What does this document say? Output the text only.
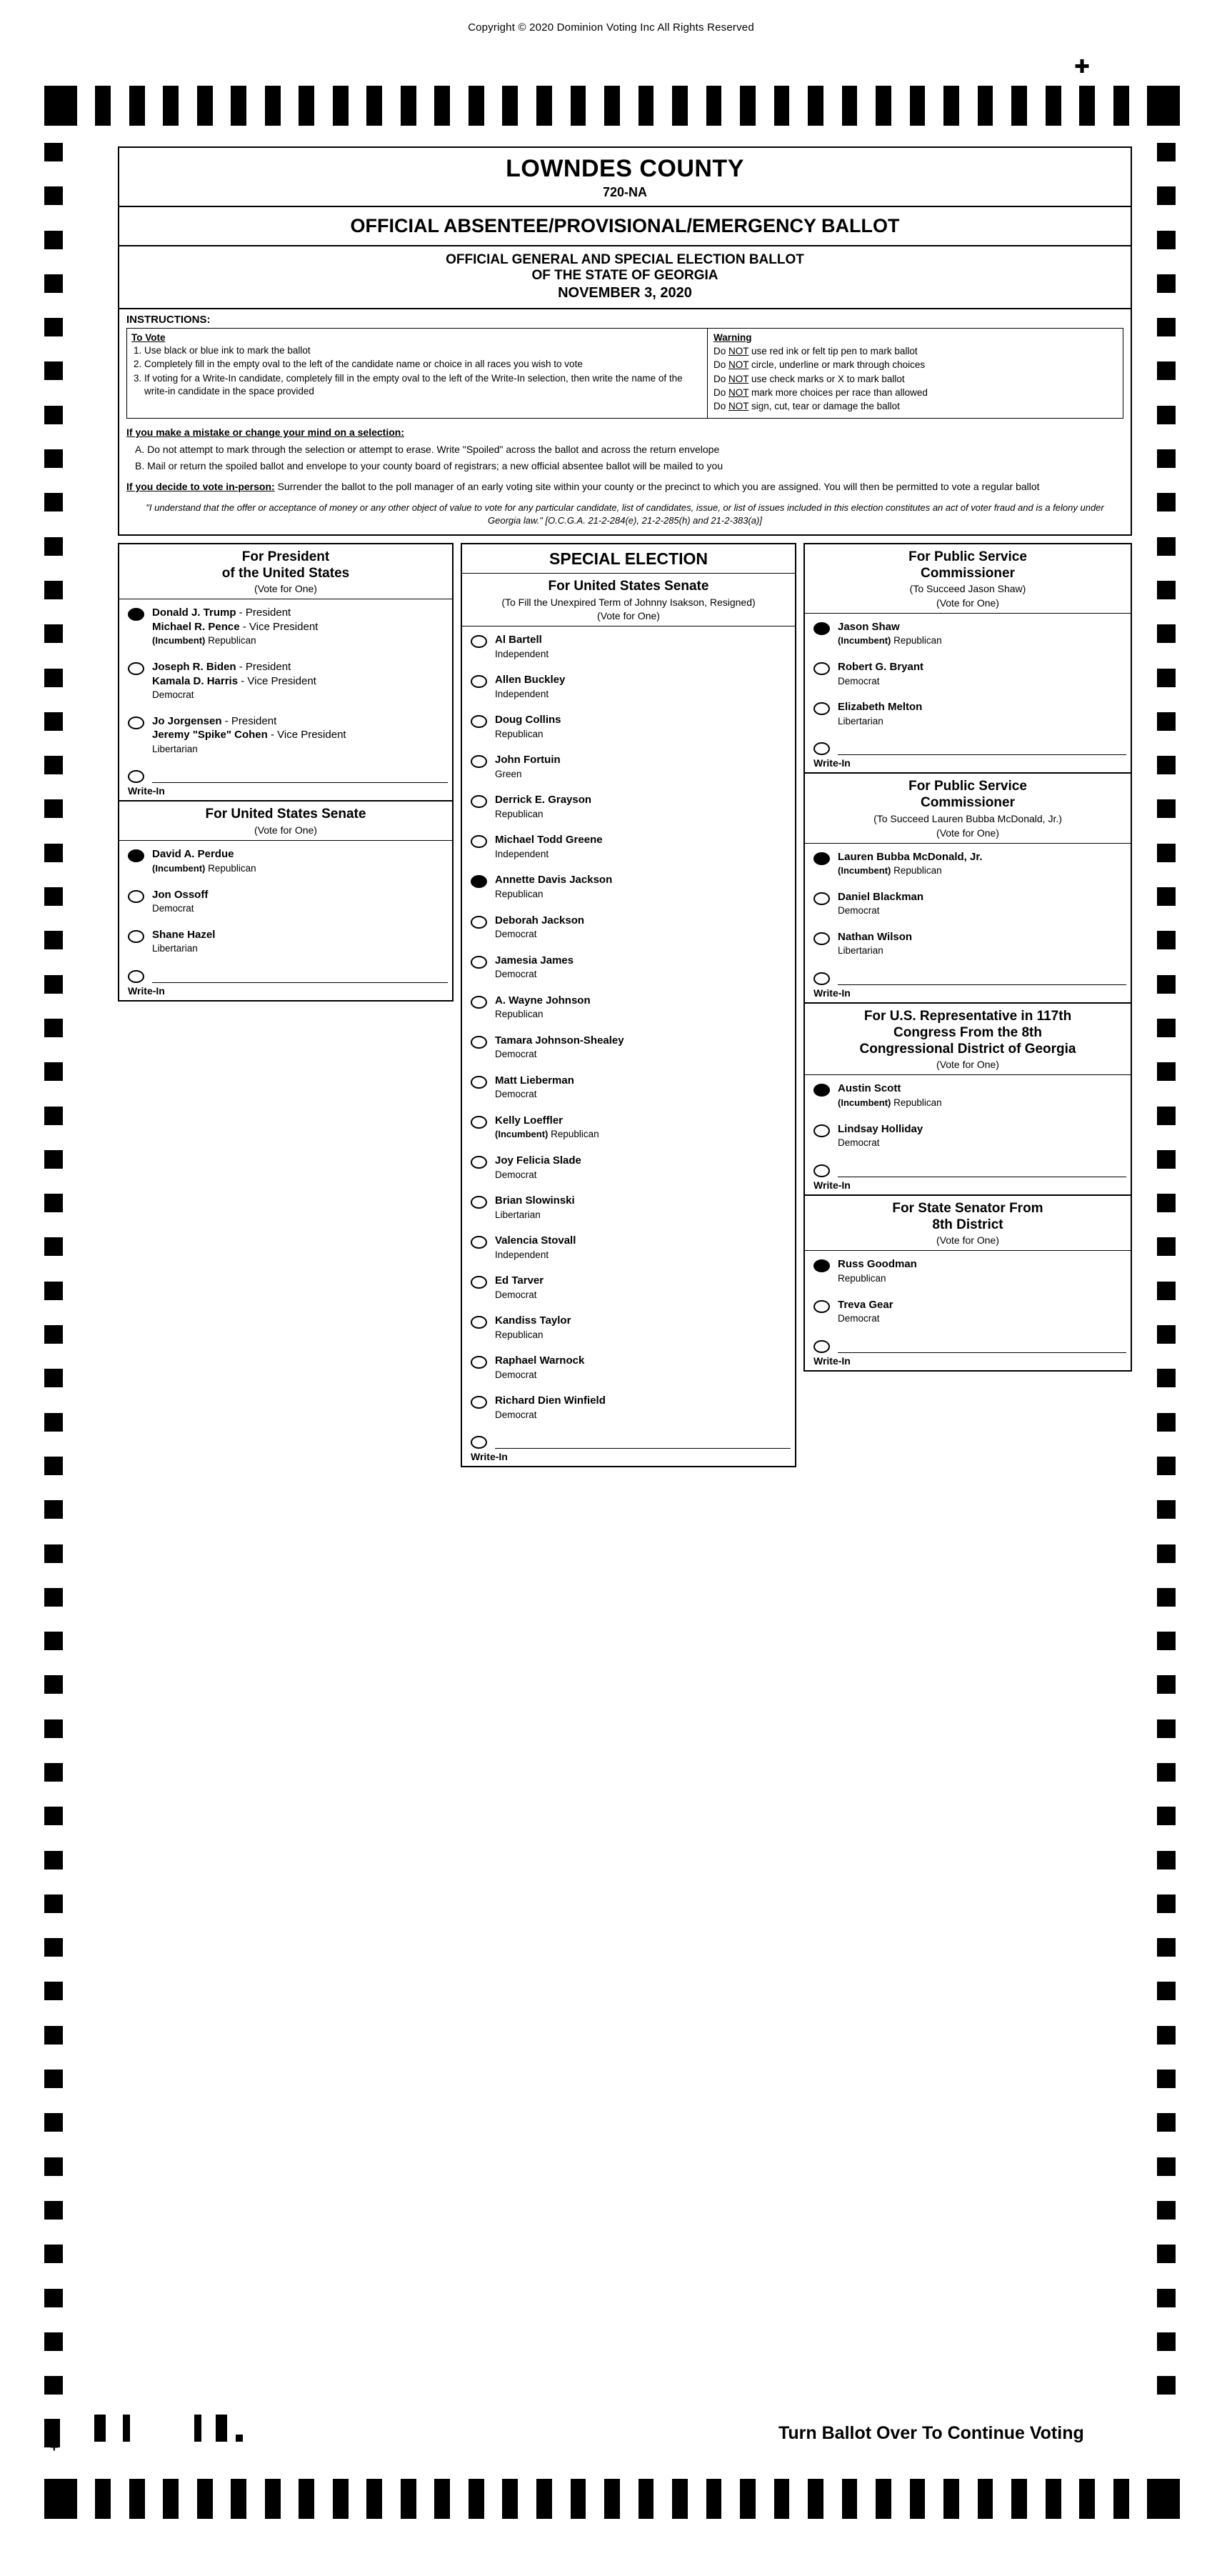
Copyright © 2020 Dominion Voting Inc All Rights Reserved
✚
LOWNDES COUNTY
720-NA
OFFICIAL ABSENTEE/PROVISIONAL/EMERGENCY BALLOT
OFFICIAL GENERAL AND SPECIAL ELECTION BALLOT
OF THE STATE OF GEORGIA
NOVEMBER 3, 2020
INSTRUCTIONS:
To Vote
1. Use black or blue ink to mark the ballot
2. Completely fill in the empty oval to the left of the candidate name or choice in all races you wish to vote
3. If voting for a Write-In candidate, completely fill in the empty oval to the left of the Write-In selection, then write the name of the write-in candidate in the space provided
Warning
Do NOT use red ink or felt tip pen to mark ballot
Do NOT circle, underline or mark through choices
Do NOT use check marks or X to mark ballot
Do NOT mark more choices per race than allowed
Do NOT sign, cut, tear or damage the ballot
If you make a mistake or change your mind on a selection:

A. Do not attempt to mark through the selection or attempt to erase. Write "Spoiled" across the ballot and across the return envelope

B. Mail or return the spoiled ballot and envelope to your county board of registrars; a new official absentee ballot will be mailed to you

If you decide to vote in-person: Surrender the ballot to the poll manager of an early voting site within your county or the precinct to which you are assigned. You will then be permitted to vote a regular ballot
"I understand that the offer or acceptance of money or any other object of value to vote for any particular candidate, list of candidates, issue, or list of issues included in this election constitutes an act of voter fraud and is a felony under Georgia law." [O.C.G.A. 21-2-284(e), 21-2-285(h) and 21-2-383(a)]
For President
of the United States
(Vote for One)
Donald J. Trump - President
Michael R. Pence - Vice President
(Incumbent) Republican
Joseph R. Biden - President
Kamala D. Harris - Vice President
Democrat
Jo Jorgensen - President
Jeremy "Spike" Cohen - Vice President
Libertarian
Write-In
For United States Senate
(Vote for One)
David A. Perdue
(Incumbent) Republican
Jon Ossoff
Democrat
Shane Hazel
Libertarian
Write-In
SPECIAL ELECTION
For United States Senate
(To Fill the Unexpired Term of Johnny Isakson, Resigned)
(Vote for One)
Al Bartell
Independent
Allen Buckley
Independent
Doug Collins
Republican
John Fortuin
Green
Derrick E. Grayson
Republican
Michael Todd Greene
Independent
Annette Davis Jackson
Republican
Deborah Jackson
Democrat
Jamesia James
Democrat
A. Wayne Johnson
Republican
Tamara Johnson-Shealey
Democrat
Matt Lieberman
Democrat
Kelly Loeffler
(Incumbent) Republican
Joy Felicia Slade
Democrat
Brian Slowinski
Libertarian
Valencia Stovall
Independent
Ed Tarver
Democrat
Kandiss Taylor
Republican
Raphael Warnock
Democrat
Richard Dien Winfield
Democrat
Write-In
For Public Service
Commissioner
(To Succeed Jason Shaw)
(Vote for One)
Jason Shaw
(Incumbent) Republican
Robert G. Bryant
Democrat
Elizabeth Melton
Libertarian
Write-In
For Public Service
Commissioner
(To Succeed Lauren Bubba McDonald, Jr.)
(Vote for One)
Lauren Bubba McDonald, Jr.
(Incumbent) Republican
Daniel Blackman
Democrat
Nathan Wilson
Libertarian
Write-In
For U.S. Representative in 117th
Congress From the 8th
Congressional District of Georgia
(Vote for One)
Austin Scott
(Incumbent) Republican
Lindsay Holliday
Democrat
Write-In
For State Senator From
8th District
(Vote for One)
Russ Goodman
Republican
Treva Gear
Democrat
Write-In
+
Turn Ballot Over To Continue Voting
